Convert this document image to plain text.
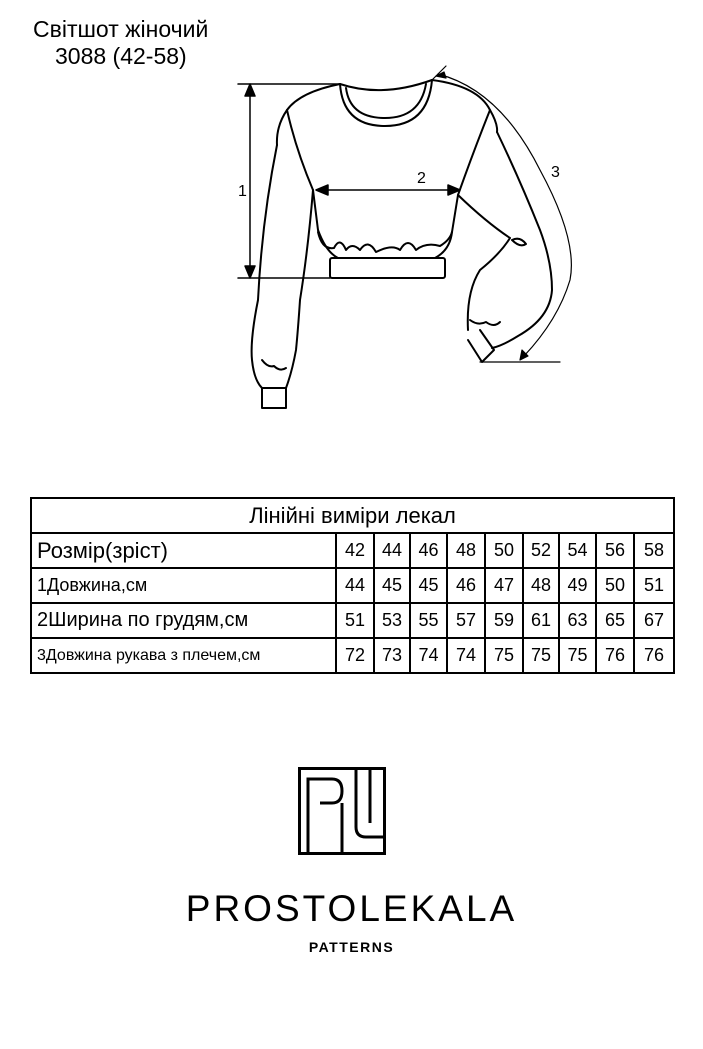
Світшот жіночий
3088 (42-58)
1
2	3
Лінійні виміри лекал									
Розмір(зріст)	42	44	46	48	50	52	54	56	58
1Довжина,см	44	45	45	46	47	48	49	50	51
2Ширина по грудям,см	51	53	55	57	59	61	63	65	67
3Довжина рукава з плечем,см	72	73	74	74	75	75	75	76	76
PROSTOLEKALA
PATTERNS
